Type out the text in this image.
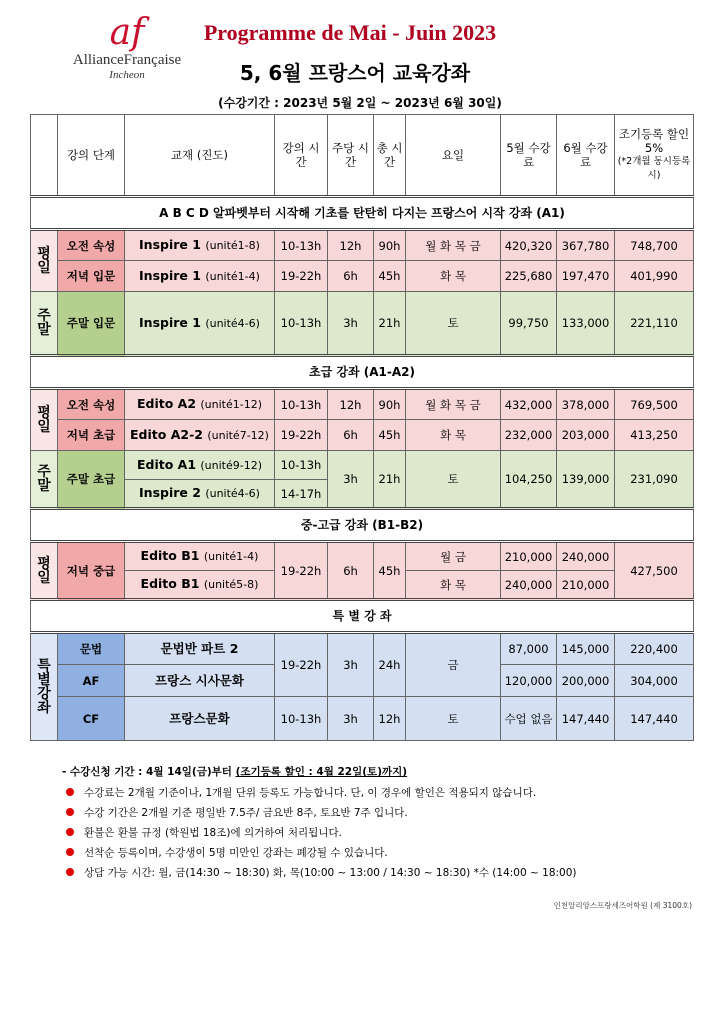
af
AllianceFrançaise
Incheon
Programme de Mai - Juin 2023
5, 6월 프랑스어 교육강좌
(수강기간 : 2023년 5월 2일 ~ 2023년 6월 30일)
	강의 단계	교재 (진도)	강의 시간	주당 시간	총 시 간	요일	5월 수강료	6월 수강료	조기등록 할인 5%
(*2개월 동시등록시)

A B C D 알파벳부터 시작해 기초를 탄탄히 다지는 프랑스어 시작 강좌 (A1)									
평 일	오전 속성	Inspire 1 (unité1-8)	10-13h	12h	90h	월 화 목 금	420,320	367,780	748,700
	저녁 입문	Inspire 1 (unité1-4)	19-22h	6h	45h	화 목	225,680	197,470	401,990
주 말	주말 입문	Inspire 1 (unité4-6)	10-13h	3h	21h	토	99,750	133,000	221,110
초급 강좌 (A1-A2)									
평 일	오전 속성	Edito A2 (unité1-12)	10-13h	12h	90h	월 화 목 금	432,000	378,000	769,500
	저녁 초급	Edito A2-2 (unité7-12)	19-22h	6h	45h	화 목	232,000	203,000	413,250
주 말	주말 초급	Edito A1 (unité9-12)	10-13h	3h	21h	토	104,250	139,000	231,090
		Inspire 2 (unité4-6)	14-17h						
중-고급 강좌 (B1-B2)									
평 일	저녁 중급	Edito B1 (unité1-4)	19-22h	6h	45h	월 금	210,000	240,000	427,500
		Edito B1 (unité5-8)				화 목	240,000	210,000	
특 별 강 좌									
특 별 강 좌	문법	문법반 파트 2	19-22h	3h	24h	금	87,000	145,000	220,400
	AF	프랑스 시사문화					120,000	200,000	304,000
	CF	프랑스문화	10-13h	3h	12h	토	수업 없음	147,440	147,440
- 수강신청 기간 : 4월 14일(금)부터 (조기등록 할인 : 4월 22일(토)까지)
수강료는 2개월 기준이나, 1개월 단위 등록도 가능합니다. 단, 이 경우에 할인은 적용되지 않습니다.
수강 기간은 2개월 기준 평일반 7.5주/ 금요반 8주, 토요반 7주 입니다.
환불은 환불 규정 (학원법 18조)에 의거하여 처리됩니다.
선착순 등록이며, 수강생이 5명 미만인 강좌는 폐강될 수 있습니다.
상담 가능 시간: 월, 금(14:30 ~ 18:30) 화, 목(10:00 ~ 13:00 / 14:30 ~ 18:30) *수 (14:00 ~ 18:00)
인천알리앙스프랑세즈어학원 (제 3100호)
